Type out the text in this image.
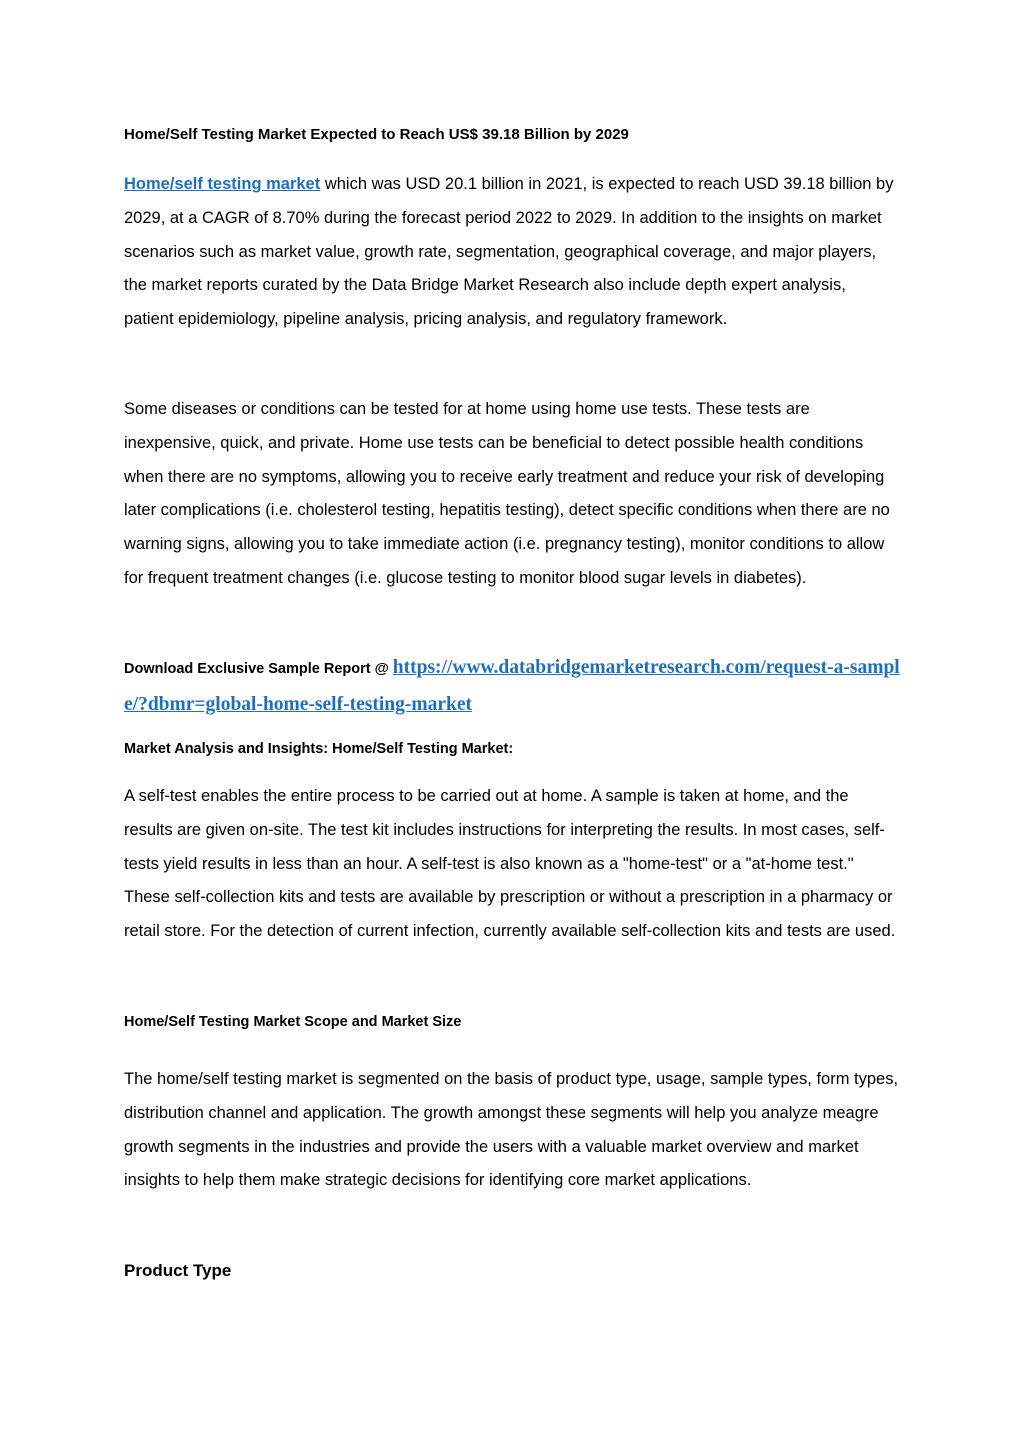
Home/Self Testing Market Expected to Reach US$ 39.18 Billion by 2029

Home/self testing market which was USD 20.1 billion in 2021, is expected to reach USD 39.18 billion by 2029, at a CAGR of 8.70% during the forecast period 2022 to 2029. In addition to the insights on market scenarios such as market value, growth rate, segmentation, geographical coverage, and major players, the market reports curated by the Data Bridge Market Research also include depth expert analysis, patient epidemiology, pipeline analysis, pricing analysis, and regulatory framework.

Some diseases or conditions can be tested for at home using home use tests. These tests are inexpensive, quick, and private. Home use tests can be beneficial to detect possible health conditions when there are no symptoms, allowing you to receive early treatment and reduce your risk of developing later complications (i.e. cholesterol testing, hepatitis testing), detect specific conditions when there are no warning signs, allowing you to take immediate action (i.e. pregnancy testing), monitor conditions to allow for frequent treatment changes (i.e. glucose testing to monitor blood sugar levels in diabetes).

Download Exclusive Sample Report @ https://www.databridgemarketresearch.com/request-a-sample/?dbmr=global-home-self-testing-market

Market Analysis and Insights: Home/Self Testing Market:

A self-test enables the entire process to be carried out at home. A sample is taken at home, and the results are given on-site. The test kit includes instructions for interpreting the results. In most cases, self-tests yield results in less than an hour. A self-test is also known as a "home-test" or a "at-home test." These self-collection kits and tests are available by prescription or without a prescription in a pharmacy or retail store. For the detection of current infection, currently available self-collection kits and tests are used.

Home/Self Testing Market Scope and Market Size

The home/self testing market is segmented on the basis of product type, usage, sample types, form types, distribution channel and application. The growth amongst these segments will help you analyze meagre growth segments in the industries and provide the users with a valuable market overview and market insights to help them make strategic decisions for identifying core market applications.

Product Type
